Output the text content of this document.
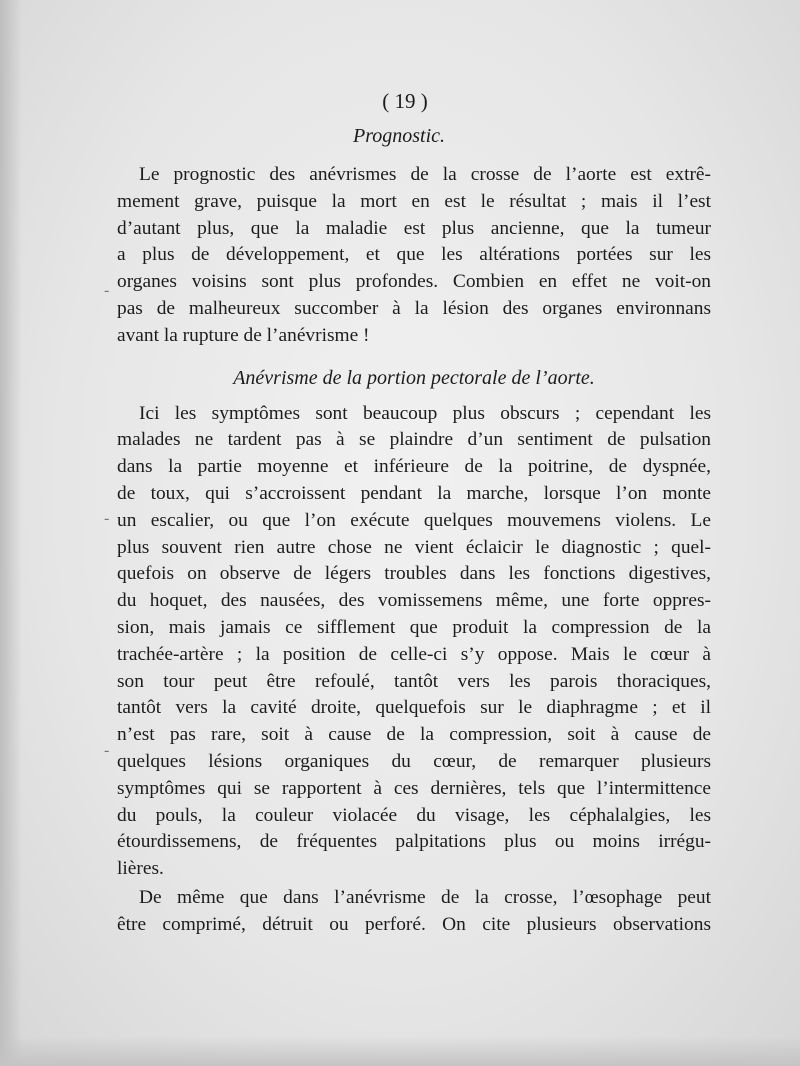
( 19 )
Prognostic.
Le prognostic des anévrismes de la crosse de l’aorte est extrê-
mement grave, puisque la mort en est le résultat ; mais il l’est
d’autant plus, que la maladie est plus ancienne, que la tumeur
a plus de développement, et que les altérations portées sur les
organes voisins sont plus profondes. Combien en effet ne voit-on
pas de malheureux succomber à la lésion des organes environnans
avant la rupture de l’anévrisme !
Anévrisme de la portion pectorale de l’aorte.
Ici les symptômes sont beaucoup plus obscurs ; cependant les
malades ne tardent pas à se plaindre d’un sentiment de pulsation
dans la partie moyenne et inférieure de la poitrine, de dyspnée,
de toux, qui s’accroissent pendant la marche, lorsque l’on monte
un escalier, ou que l’on exécute quelques mouvemens violens. Le
plus souvent rien autre chose ne vient éclaicir le diagnostic ; quel-
quefois on observe de légers troubles dans les fonctions digestives,
du hoquet, des nausées, des vomissemens même, une forte oppres-
sion, mais jamais ce sifflement que produit la compression de la
trachée-artère ; la position de celle-ci s’y oppose. Mais le cœur à
son tour peut être refoulé, tantôt vers les parois thoraciques,
tantôt vers la cavité droite, quelquefois sur le diaphragme ; et il
n’est pas rare, soit à cause de la compression, soit à cause de
quelques lésions organiques du cœur, de remarquer plusieurs
symptômes qui se rapportent à ces dernières, tels que l’intermittence
du pouls, la couleur violacée du visage, les céphalalgies, les
étourdissemens, de fréquentes palpitations plus ou moins irrégu-
lières.
De même que dans l’anévrisme de la crosse, l’œsophage peut
être comprimé, détruit ou perforé. On cite plusieurs observations
-
-
-
